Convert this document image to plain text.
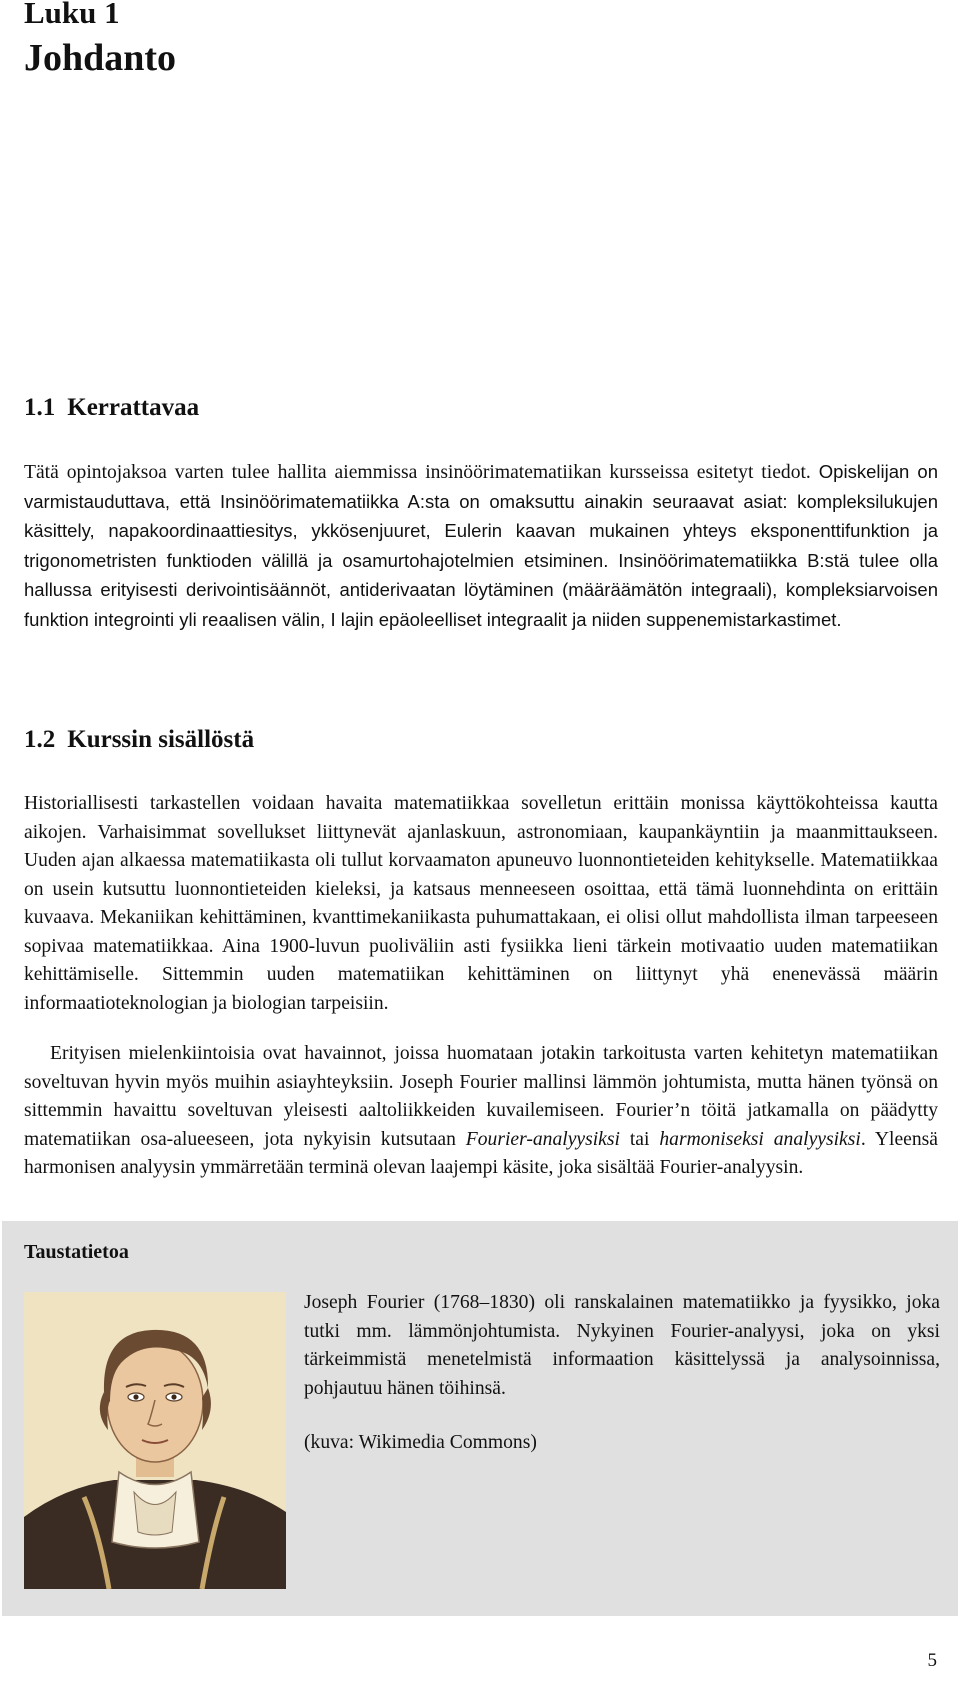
Luku 1
Johdanto
1.1 Kerrattavaa

Tätä opintojaksoa varten tulee hallita aiemmissa insinöörimatematiikan kursseissa esitetyt tiedot. Opiskelijan on varmistauduttava, että Insinöörimatematiikka A:sta on omaksuttu ainakin seuraavat asiat: kompleksilukujen käsittely, napakoordinaattiesitys, ykkösenjuuret, Eulerin kaavan mukainen yhteys eksponenttifunktion ja trigonometristen funktioden välillä ja osamurtohajotelmien etsiminen. Insinöörimatematiikka B:stä tulee olla hallussa erityisesti derivointisäännöt, antiderivaatan löytäminen (määräämätön integraali), kompleksiarvoisen funktion integrointi yli reaalisen välin, I lajin epäoleelliset integraalit ja niiden suppenemistarkastimet.

1.2 Kurssin sisällöstä

Historiallisesti tarkastellen voidaan havaita matematiikkaa sovelletun erittäin monissa käyttökohteissa kautta aikojen. Varhaisimmat sovellukset liittynevät ajanlaskuun, astronomiaan, kaupankäyntiin ja maanmittaukseen. Uuden ajan alkaessa matematiikasta oli tullut korvaamaton apuneuvo luonnontieteiden kehitykselle. Matematiikkaa on usein kutsuttu luonnontieteiden kieleksi, ja katsaus menneeseen osoittaa, että tämä luonnehdinta on erittäin kuvaava. Mekaniikan kehittäminen, kvanttimekaniikasta puhumattakaan, ei olisi ollut mahdollista ilman tarpeeseen sopivaa matematiikkaa. Aina 1900-luvun puoliväliin asti fysiikka lieni tärkein motivaatio uuden matematiikan kehittämiselle. Sittemmin uuden matematiikan kehittäminen on liittynyt yhä enenevässä määrin informaatioteknologian ja biologian tarpeisiin.

Erityisen mielenkiintoisia ovat havainnot, joissa huomataan jotakin tarkoitusta varten kehitetyn matematiikan soveltuvan hyvin myös muihin asiayhteyksiin. Joseph Fourier mallinsi lämmön johtumista, mutta hänen työnsä on sittemmin havaittu soveltuvan yleisesti aaltoliikkeiden kuvailemiseen. Fourier’n töitä jatkamalla on päädytty matematiikan osa-alueeseen, jota nykyisin kutsutaan Fourier-analyysiksi tai harmoniseksi analyysiksi. Yleensä harmonisen analyysin ymmärretään terminä olevan laajempi käsite, joka sisältää Fourier-analyysin.

Taustatietoa

Joseph Fourier (1768–1830) oli ranskalainen matematiikko ja fyysikko, joka tutki mm. lämmönjohtumista. Nykyinen Fourier-analyysi, joka on yksi tärkeimmistä menetelmistä informaation käsittelyssä ja analysoinnissa, pohjautuu hänen töihinsä.

(kuva: Wikimedia Commons)

5
